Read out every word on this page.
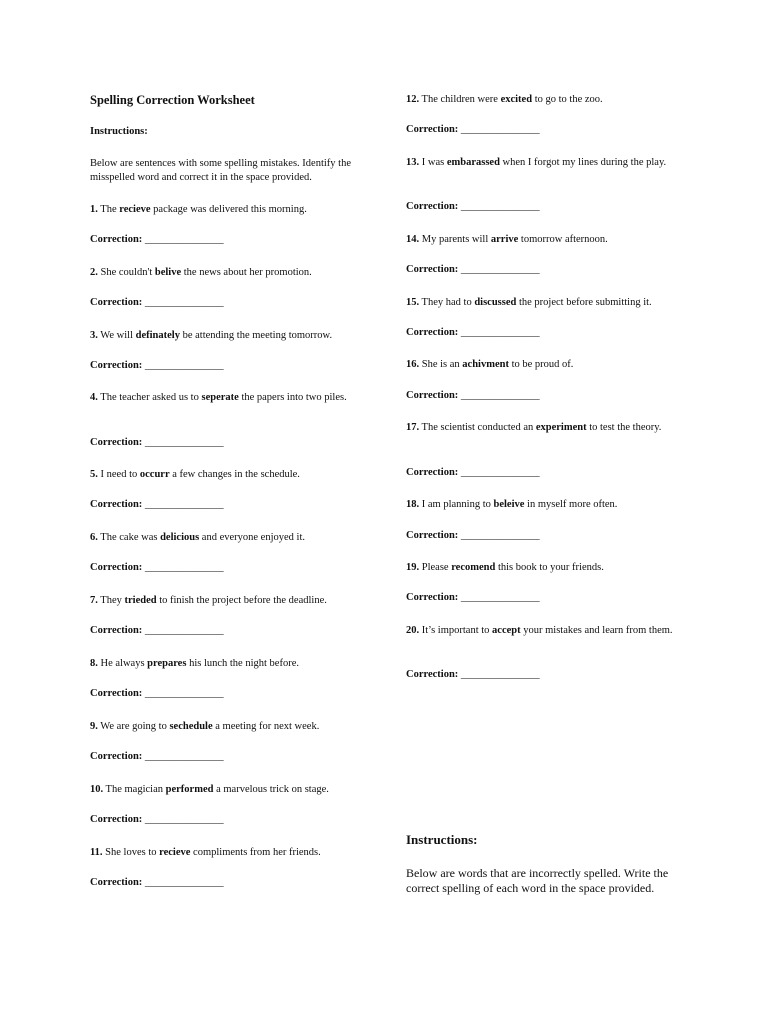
Spelling Correction Worksheet
Instructions:
Below are sentences with some spelling mistakes. Identify the misspelled word and correct it in the space provided.
1. The recieve package was delivered this morning.
Correction: _______________
2. She couldn't belive the news about her promotion.
Correction: _______________
3. We will definately be attending the meeting tomorrow.
Correction: _______________
4. The teacher asked us to seperate the papers into two piles.
Correction: _______________
5. I need to occurr a few changes in the schedule.
Correction: _______________
6. The cake was delicious and everyone enjoyed it.
Correction: _______________
7. They trieded to finish the project before the deadline.
Correction: _______________
8. He always prepares his lunch the night before.
Correction: _______________
9. We are going to sechedule a meeting for next week.
Correction: _______________
10. The magician performed a marvelous trick on stage.
Correction: _______________
11. She loves to recieve compliments from her friends.
Correction: _______________
Instructions:
Below are words that are incorrectly spelled. Write the correct spelling of each word in the space provided.
12. The children were excited to go to the zoo.
Correction: _______________
13. I was embarassed when I forgot my lines during the play.
Correction: _______________
14. My parents will arrive tomorrow afternoon.
Correction: _______________
15. They had to discussed the project before submitting it.
Correction: _______________
16. She is an achivment to be proud of.
Correction: _______________
17. The scientist conducted an experiment to test the theory.
Correction: _______________
18. I am planning to beleive in myself more often.
Correction: _______________
19. Please recomend this book to your friends.
Correction: _______________
20. It’s important to accept your mistakes and learn from them.
Correction: _______________
